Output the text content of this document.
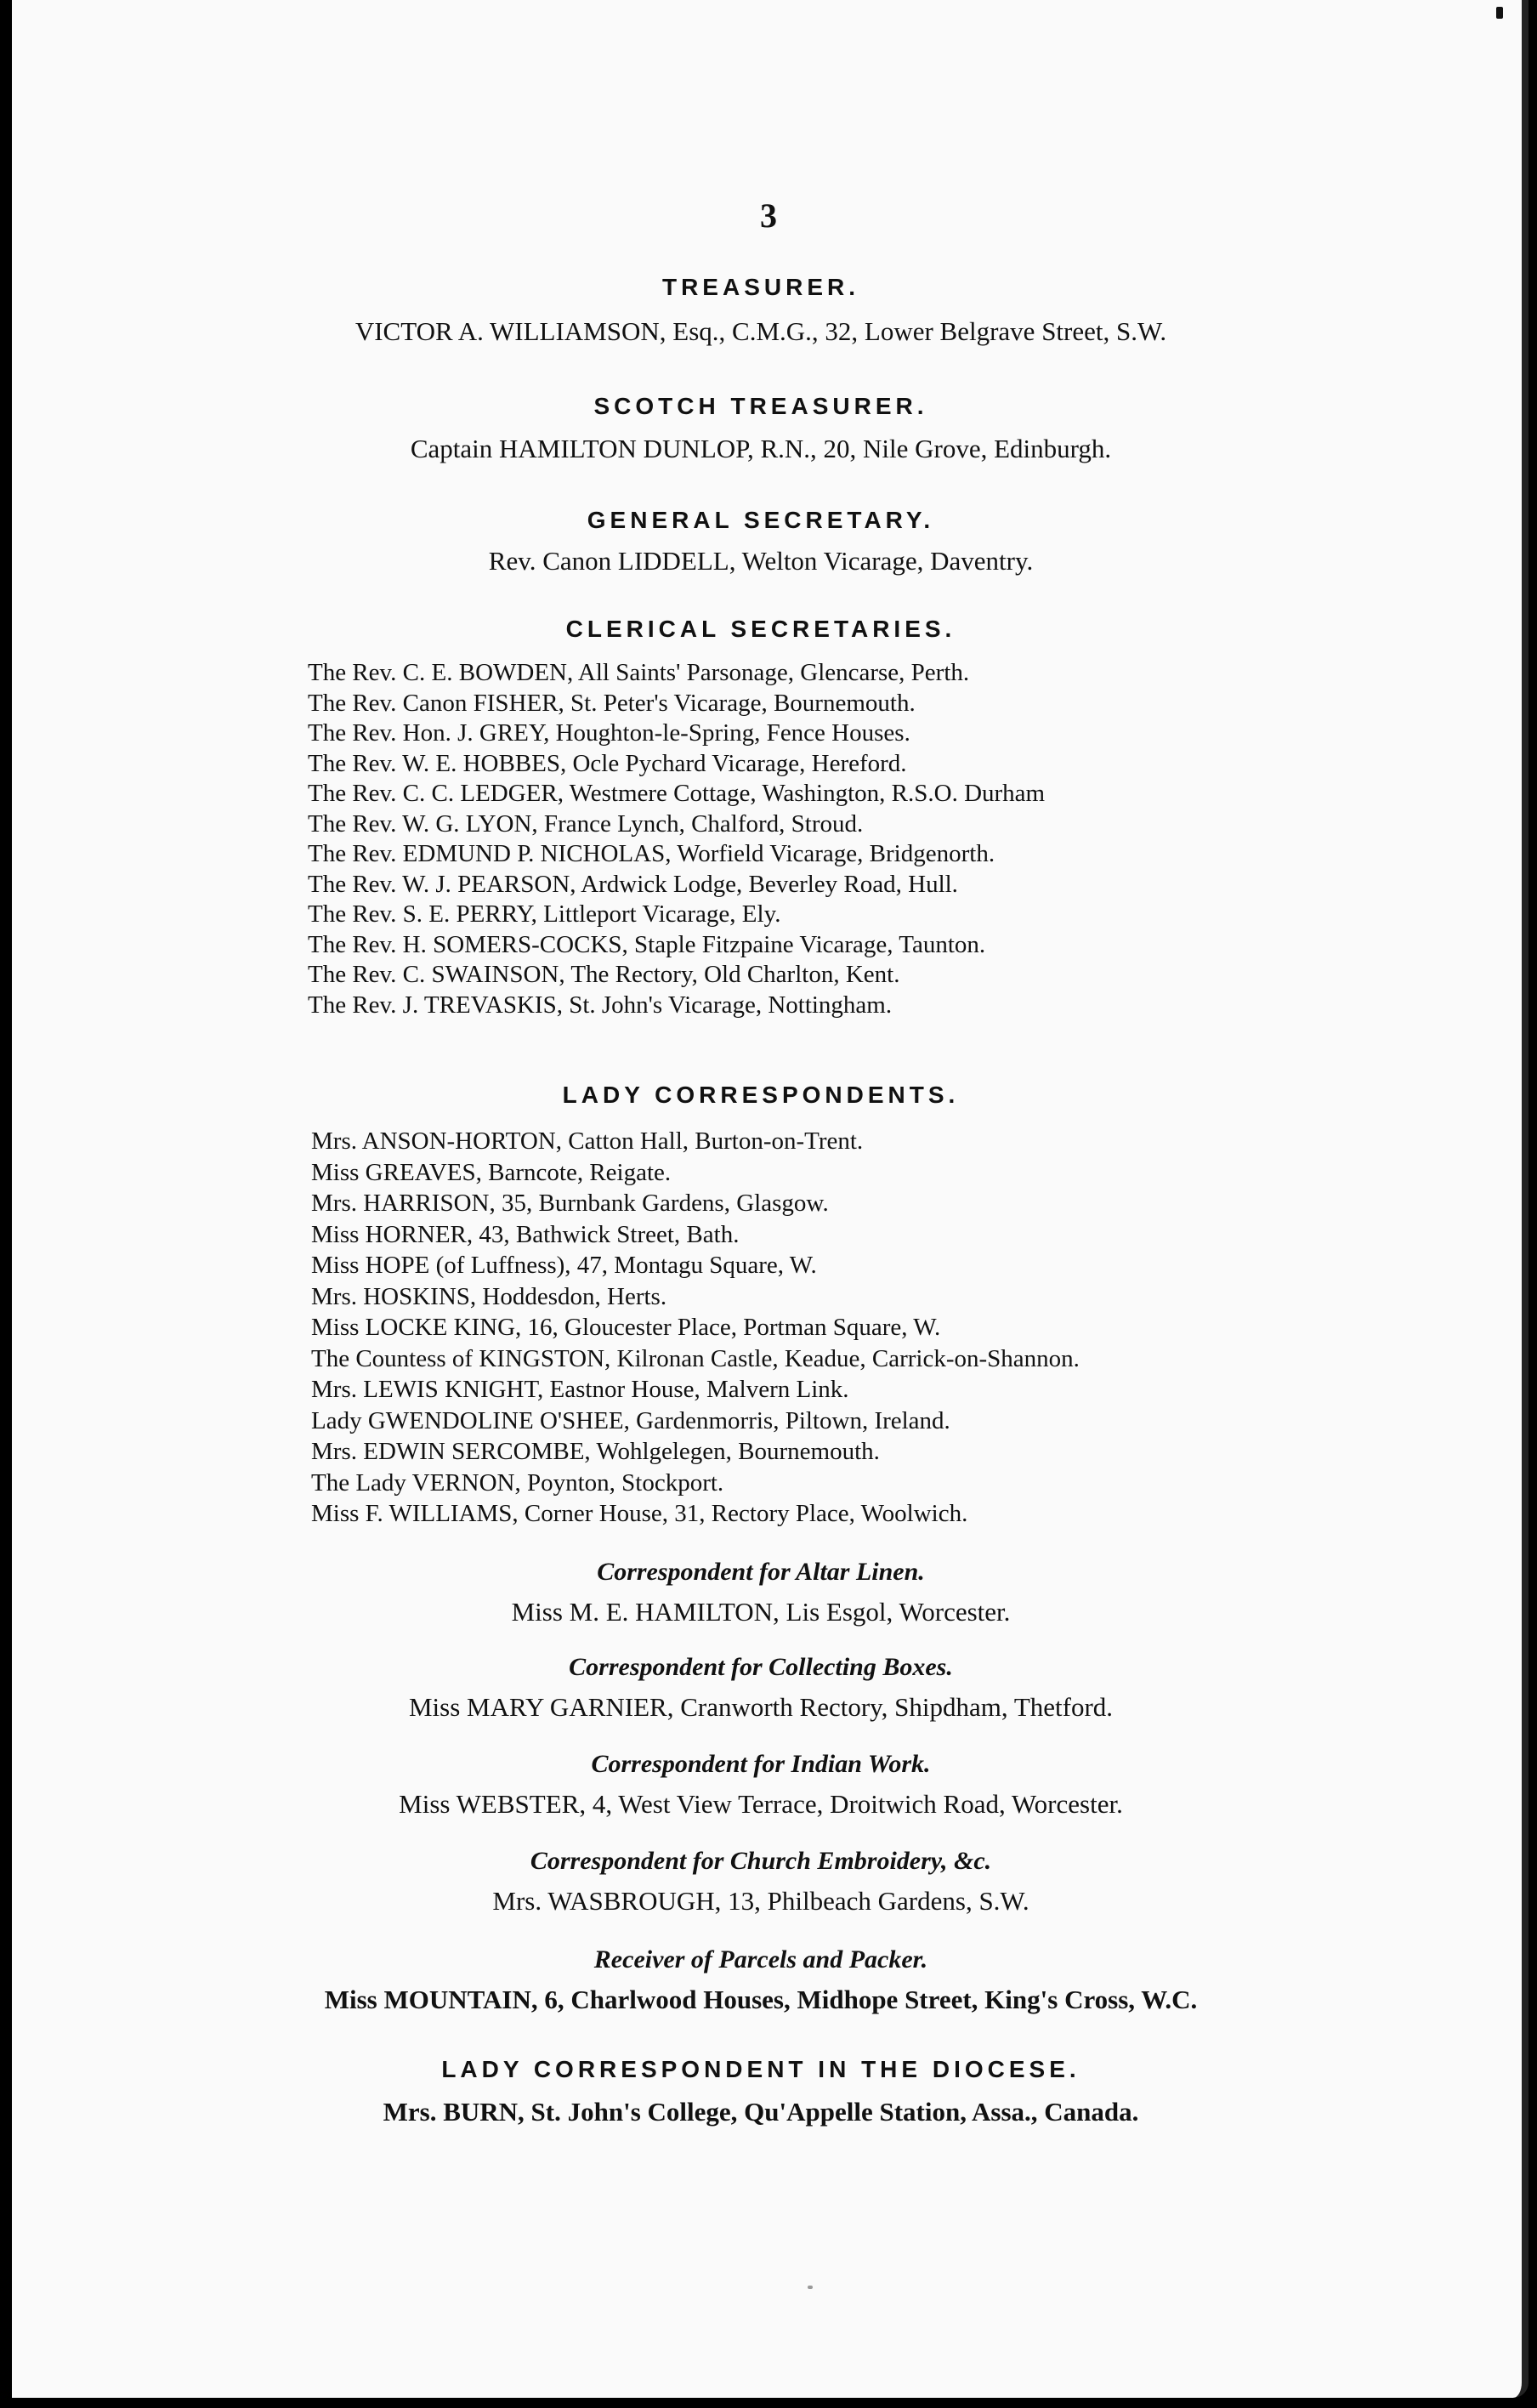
3
TREASURER.
VICTOR A. WILLIAMSON, Esq., C.M.G., 32, Lower Belgrave Street, S.W.
SCOTCH TREASURER.
Captain HAMILTON DUNLOP, R.N., 20, Nile Grove, Edinburgh.
GENERAL SECRETARY.
Rev. Canon LIDDELL, Welton Vicarage, Daventry.
CLERICAL SECRETARIES.
The Rev. C. E. BOWDEN, All Saints' Parsonage, Glencarse, Perth.
The Rev. Canon FISHER, St. Peter's Vicarage, Bournemouth.
The Rev. Hon. J. GREY, Houghton-le-Spring, Fence Houses.
The Rev. W. E. HOBBES, Ocle Pychard Vicarage, Hereford.
The Rev. C. C. LEDGER, Westmere Cottage, Washington, R.S.O. Durham
The Rev. W. G. LYON, France Lynch, Chalford, Stroud.
The Rev. EDMUND P. NICHOLAS, Worfield Vicarage, Bridgenorth.
The Rev. W. J. PEARSON, Ardwick Lodge, Beverley Road, Hull.
The Rev. S. E. PERRY, Littleport Vicarage, Ely.
The Rev. H. SOMERS-COCKS, Staple Fitzpaine Vicarage, Taunton.
The Rev. C. SWAINSON, The Rectory, Old Charlton, Kent.
The Rev. J. TREVASKIS, St. John's Vicarage, Nottingham.
LADY CORRESPONDENTS.
Mrs. ANSON-HORTON, Catton Hall, Burton-on-Trent.
Miss GREAVES, Barncote, Reigate.
Mrs. HARRISON, 35, Burnbank Gardens, Glasgow.
Miss HORNER, 43, Bathwick Street, Bath.
Miss HOPE (of Luffness), 47, Montagu Square, W.
Mrs. HOSKINS, Hoddesdon, Herts.
Miss LOCKE KING, 16, Gloucester Place, Portman Square, W.
The Countess of KINGSTON, Kilronan Castle, Keadue, Carrick-on-Shannon.
Mrs. LEWIS KNIGHT, Eastnor House, Malvern Link.
Lady GWENDOLINE O'SHEE, Gardenmorris, Piltown, Ireland.
Mrs. EDWIN SERCOMBE, Wohlgelegen, Bournemouth.
The Lady VERNON, Poynton, Stockport.
Miss F. WILLIAMS, Corner House, 31, Rectory Place, Woolwich.
Correspondent for Altar Linen.
Miss M. E. HAMILTON, Lis Esgol, Worcester.
Correspondent for Collecting Boxes.
Miss MARY GARNIER, Cranworth Rectory, Shipdham, Thetford.
Correspondent for Indian Work.
Miss WEBSTER, 4, West View Terrace, Droitwich Road, Worcester.
Correspondent for Church Embroidery, &c.
Mrs. WASBROUGH, 13, Philbeach Gardens, S.W.
Receiver of Parcels and Packer.
Miss MOUNTAIN, 6, Charlwood Houses, Midhope Street, King's Cross, W.C.
LADY CORRESPONDENT IN THE DIOCESE.
Mrs. BURN, St. John's College, Qu'Appelle Station, Assa., Canada.
